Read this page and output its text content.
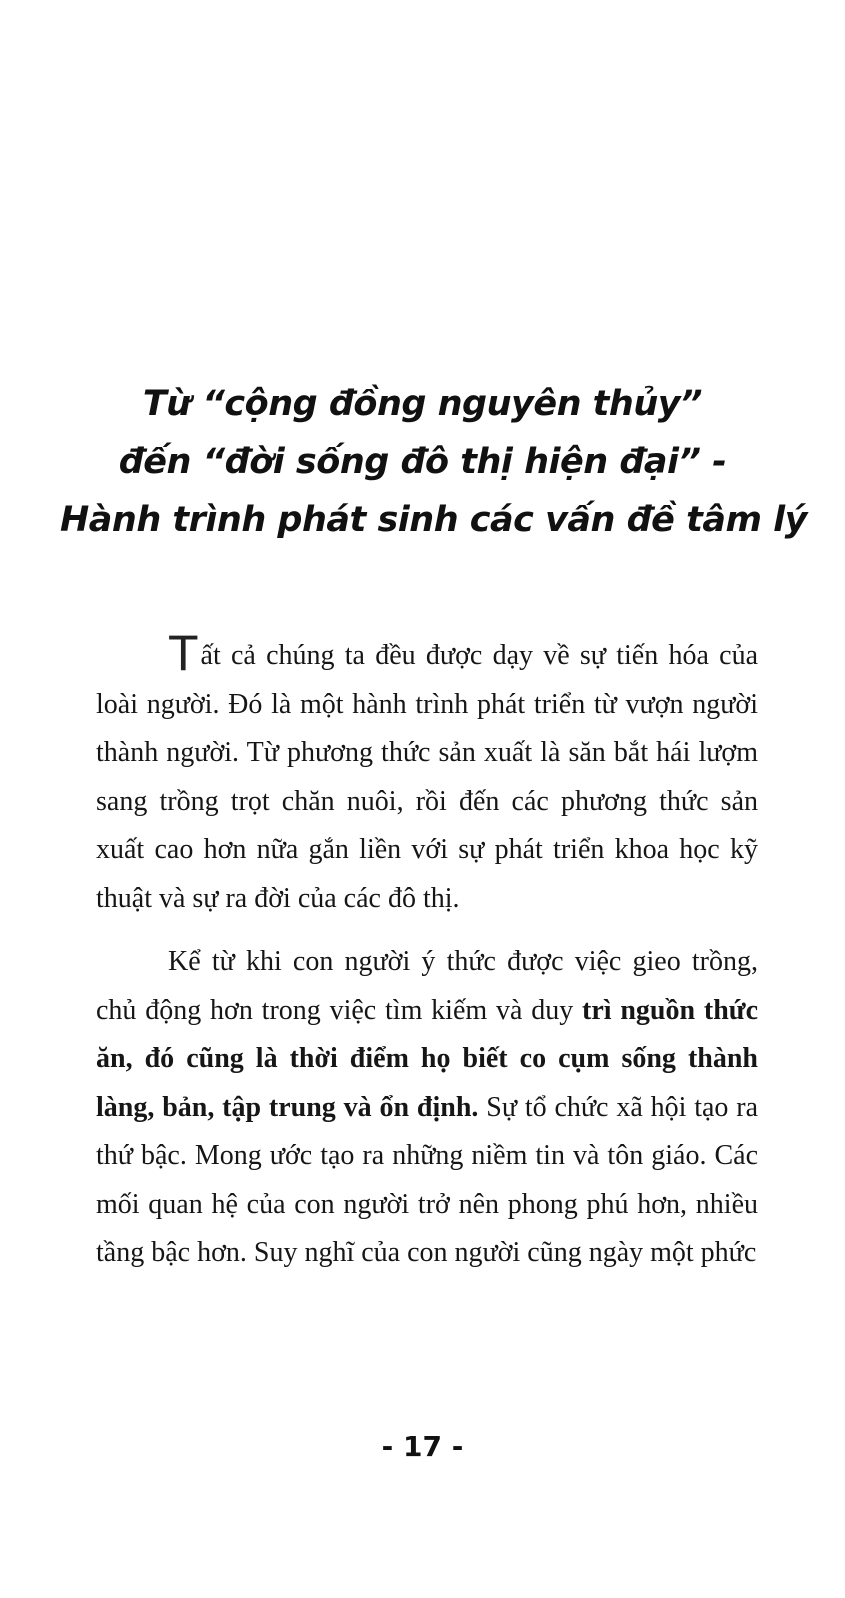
Từ “cộng đồng nguyên thủy”
đến “đời sống đô thị hiện đại” -
Hành trình phát sinh các vấn đề tâm lý

Tất cả chúng ta đều được dạy về sự tiến hóa của loài người. Đó là một hành trình phát triển từ vượn người thành người. Từ phương thức sản xuất là săn bắt hái lượm sang trồng trọt chăn nuôi, rồi đến các phương thức sản xuất cao hơn nữa gắn liền với sự phát triển khoa học kỹ thuật và sự ra đời của các đô thị.

Kể từ khi con người ý thức được việc gieo trồng, chủ động hơn trong việc tìm kiếm và duy trì nguồn thức ăn, đó cũng là thời điểm họ biết co cụm sống thành làng, bản, tập trung và ổn định. Sự tổ chức xã hội tạo ra thứ bậc. Mong ước tạo ra những niềm tin và tôn giáo. Các mối quan hệ của con người trở nên phong phú hơn, nhiều tầng bậc hơn. Suy nghĩ của con người cũng ngày một phức

- 17 -
